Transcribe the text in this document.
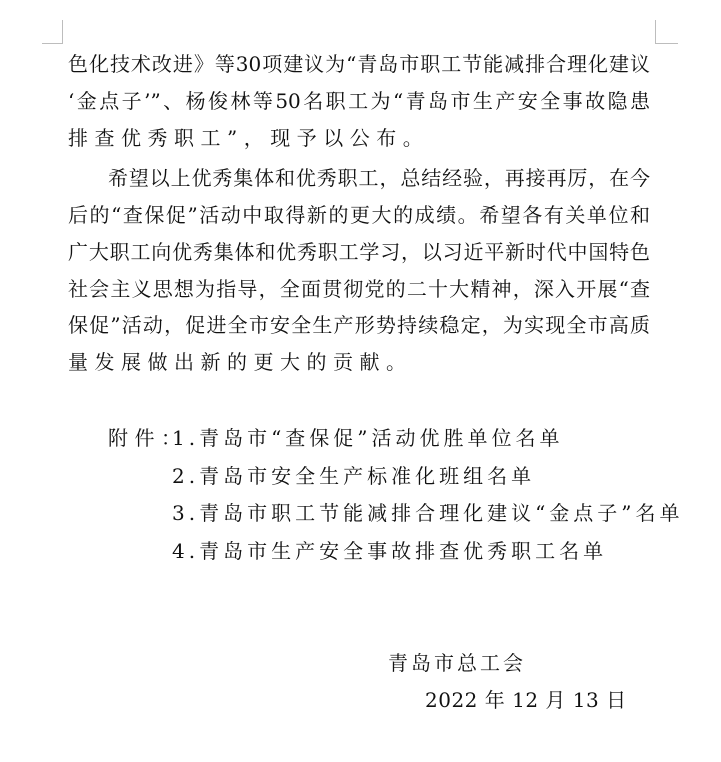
色化技术改进》等30项建议为“青岛市职工节能减排合理化建议
‘金点子’”、杨俊林等50名职工为“青岛市生产安全事故隐患
排查优秀职工”，现予以公布。
希望以上优秀集体和优秀职工，总结经验，再接再厉，在今
后的“查保促”活动中取得新的更大的成绩。希望各有关单位和
广大职工向优秀集体和优秀职工学习，以习近平新时代中国特色
社会主义思想为指导，全面贯彻党的二十大精神，深入开展“查
保促”活动，促进全市安全生产形势持续稳定，为实现全市高质
量发展做出新的更大的贡献。
附件：
1.青岛市“查保促”活动优胜单位名单
2.青岛市安全生产标准化班组名单
3.青岛市职工节能减排合理化建议“金点子”名单
4.青岛市生产安全事故排查优秀职工名单
青岛市总工会
2022 年 12 月 13 日
